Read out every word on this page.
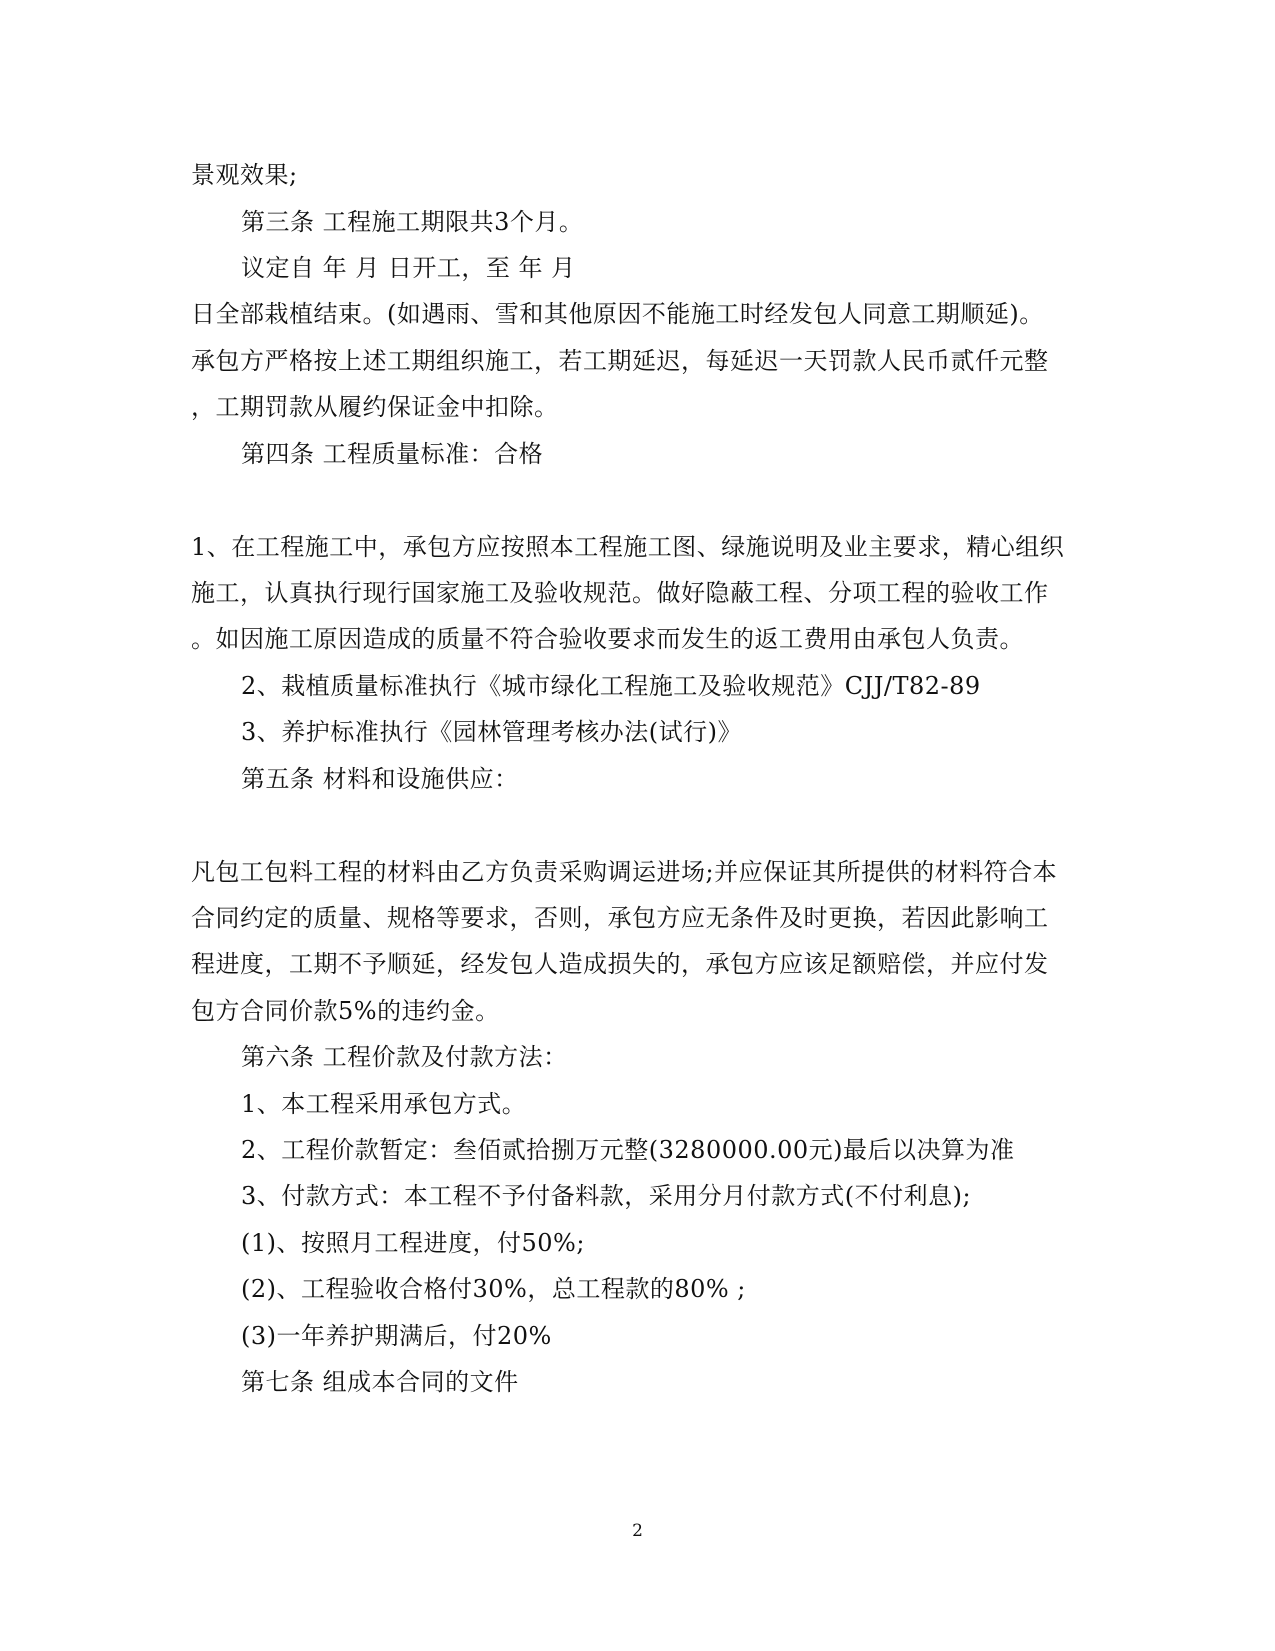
景观效果;
第三条 工程施工期限共3个月。
议定自 年 月 日开工，至 年 月
日全部栽植结束。(如遇雨、雪和其他原因不能施工时经发包人同意工期顺延)。
承包方严格按上述工期组织施工，若工期延迟，每延迟一天罚款人民币贰仟元整
，工期罚款从履约保证金中扣除。
第四条 工程质量标准：合格
1、在工程施工中，承包方应按照本工程施工图、绿施说明及业主要求，精心组织
施工，认真执行现行国家施工及验收规范。做好隐蔽工程、分项工程的验收工作
。如因施工原因造成的质量不符合验收要求而发生的返工费用由承包人负责。
2、栽植质量标准执行《城市绿化工程施工及验收规范》CJJ/T82-89
3、养护标准执行《园林管理考核办法(试行)》
第五条 材料和设施供应：
凡包工包料工程的材料由乙方负责采购调运进场;并应保证其所提供的材料符合本
合同约定的质量、规格等要求，否则，承包方应无条件及时更换，若因此影响工
程进度，工期不予顺延，经发包人造成损失的，承包方应该足额赔偿，并应付发
包方合同价款5%的违约金。
第六条 工程价款及付款方法：
1、本工程采用承包方式。
2、工程价款暂定：叁佰贰拾捌万元整(3280000.00元)最后以决算为准
3、付款方式：本工程不予付备料款，采用分月付款方式(不付利息);
(1)、按照月工程进度，付50%;
(2)、工程验收合格付30%，总工程款的80% ;
(3)一年养护期满后，付20%
第七条 组成本合同的文件
2
